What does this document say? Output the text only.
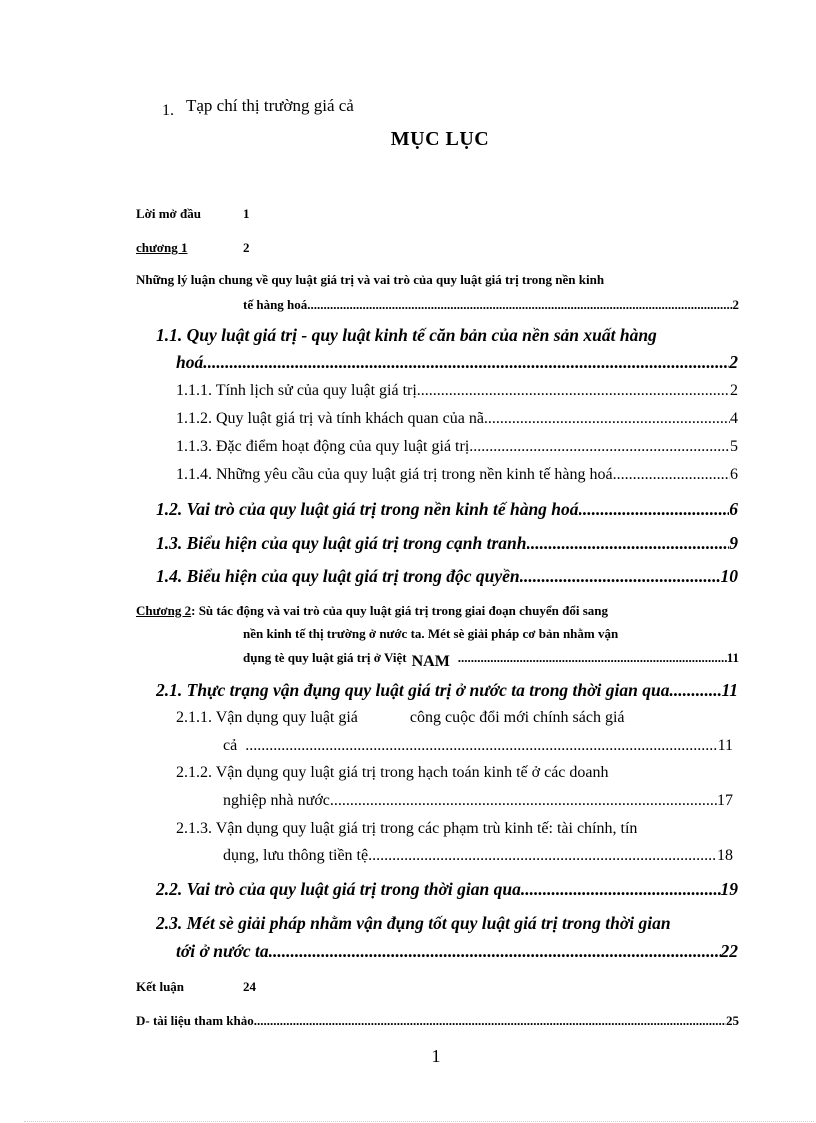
1. Tạp chí thị trường giá cả
MỤC LỤC
Lời mở đầu	1
chương 1	2
Những lý luận chung về quy luật giá trị và vai trò của quy luật giá trị trong nền kinh
tế hàng hoá .....	2
1.1. Quy luật giá trị - quy luật kinh tế căn bản của nền sản xuất hàng
hoá. .....	2
1.1.1. Tính lịch sử của quy luật giá trị .....	2
1.1.2. Quy luật giá trị và tính khách quan của nã .....	4
1.1.3. Đặc điểm hoạt động của quy luật giá trị .....	5
1.1.4. Những yêu cầu của quy luật giá trị trong nền kinh tế hàng hoá .....	6
1.2. Vai trò của quy luật giá trị trong nền kinh tế hàng hoá .....	6
1.3. Biểu hiện của quy luật giá trị trong cạnh tranh .....	9
1.4. Biểu hiện của quy luật giá trị trong độc quyền .....	10
Chương 2: Sù tác động và vai trò của quy luật giá trị trong giai đoạn chuyển đổi sang
nền kinh tế thị trường ở nước ta. Mét sè giải pháp cơ bản nhằm vận
dụng tè quy luật giá trị ở Việt NAM .....	11
2.1. Thực trạng vận đụng quy luật giá trị ở nước ta trong thời gian qua .....	11
2.1.1. Vận dụng quy luật giá	công cuộc đổi mới chính sách giá
cả .....	11
2.1.2. Vận dụng quy luật giá trị trong hạch toán kinh tế ở các doanh
nghiệp nhà nước. .....	17
2.1.3. Vận dụng quy luật giá trị trong các phạm trù kinh tế: tài chính, tín
dụng, lưu thông tiền tệ. .....	18
2.2. Vai trò của quy luật giá trị trong thời gian qua .....	19
2.3. Mét sè giải pháp nhằm vận đụng tốt quy luật giá trị trong thời gian
tới ở nước ta .....	22
Kết luận	24
D- tài liệu tham khảo .....	25
1
